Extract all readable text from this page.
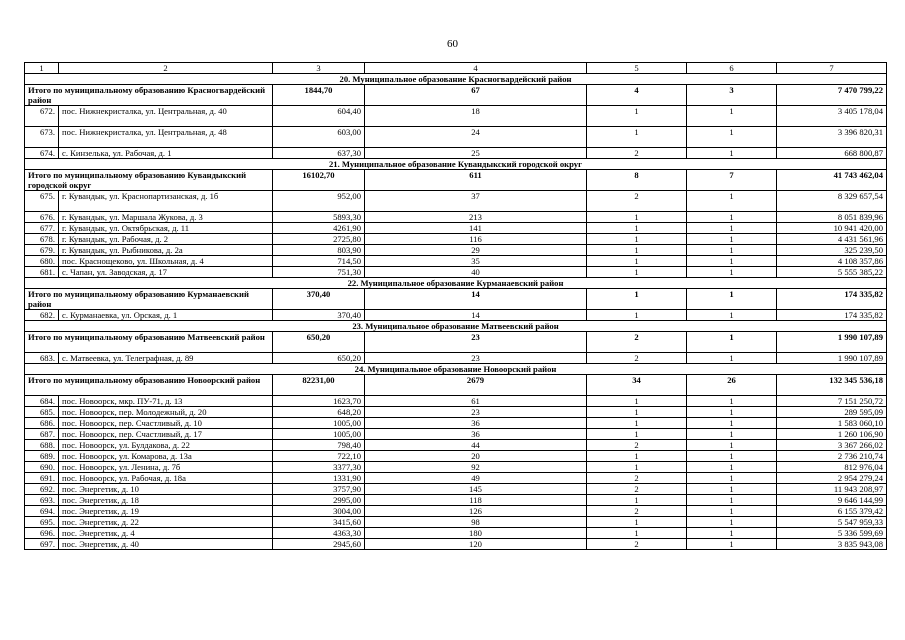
60
1	2	3	4	5	6	7
20. Муниципальное образование Красногвардейский район						
Итого по муниципальному образованию Красногвардейский район		1844,70	67	4	3	7 470 799,22
672.	пос. Нижнекристалка, ул. Центральная, д. 40	604,40	18	1	1	3 405 178,04
673.	пос. Нижнекристалка, ул. Центральная, д. 48	603,00	24	1	1	3 396 820,31
674.	с. Кинзелька, ул. Рабочая, д. 1	637,30	25	2	1	668 800,87
21. Муниципальное образование Кувандыкский городской округ						
Итого по муниципальному образованию Кувандыкский городской округ		16102,70	611	8	7	41 743 462,04
675.	г. Кувандык, ул. Краснопартизанская, д. 1б	952,00	37	2	1	8 329 657,54
676.	г. Кувандык, ул. Маршала Жукова, д. 3	5893,30	213	1	1	8 051 839,96
677.	г. Кувандык, ул. Октябрьская, д. 11	4261,90	141	1	1	10 941 420,00
678.	г. Кувандык, ул. Рабочая, д. 2	2725,80	116	1	1	4 431 561,96
679.	г. Кувандык, ул. Рыбникова, д. 2а	803,90	29	1	1	325 239,50
680.	пос. Краснощеково, ул. Школьная, д. 4	714,50	35	1	1	4 108 357,86
681.	с. Чапан, ул. Заводская, д. 17	751,30	40	1	1	5 555 385,22
22. Муниципальное образование Курманаевский район						
Итого по муниципальному образованию Курманаевский район		370,40	14	1	1	174 335,82
682.	с. Курманаевка, ул. Орская, д. 1	370,40	14	1	1	174 335,82
23. Муниципальное образование Матвеевский район						
Итого по муниципальному образованию Матвеевский район		650,20	23	2	1	1 990 107,89
683.	с. Матвеевка, ул. Телеграфная, д. 89	650,20	23	2	1	1 990 107,89
24. Муниципальное образование Новоорский район						
Итого по муниципальному образованию Новоорский район		82231,00	2679	34	26	132 345 536,18
684.	пос. Новоорск, мкр. ПУ-71, д. 13	1623,70	61	1	1	7 151 250,72
685.	пос. Новоорск, пер. Молодежный, д. 20	648,20	23	1	1	289 595,09
686.	пос. Новоорск, пер. Счастливый, д. 10	1005,00	36	1	1	1 583 060,10
687.	пос. Новоорск, пер. Счастливый, д. 17	1005,00	36	1	1	1 260 106,90
688.	пос. Новоорск, ул. Булдакова, д. 22	798,40	44	2	1	3 367 266,02
689.	пос. Новоорск, ул. Комарова, д. 13а	722,10	20	1	1	2 736 210,74
690.	пос. Новоорск, ул. Ленина, д. 7б	3377,30	92	1	1	812 976,04
691.	пос. Новоорск, ул. Рабочая, д. 18а	1331,90	49	2	1	2 954 279,24
692.	пос. Энергетик, д. 10	3757,90	145	2	1	11 943 208,97
693.	пос. Энергетик, д. 18	2995,00	118	1	1	9 646 144,99
694.	пос. Энергетик, д. 19	3004,00	126	2	1	6 155 379,42
695.	пос. Энергетик, д. 22	3415,60	98	1	1	5 547 959,33
696.	пос. Энергетик, д. 4	4363,30	180	1	1	5 336 599,69
697.	пос. Энергетик, д. 40	2945,60	120	2	1	3 835 943,08
